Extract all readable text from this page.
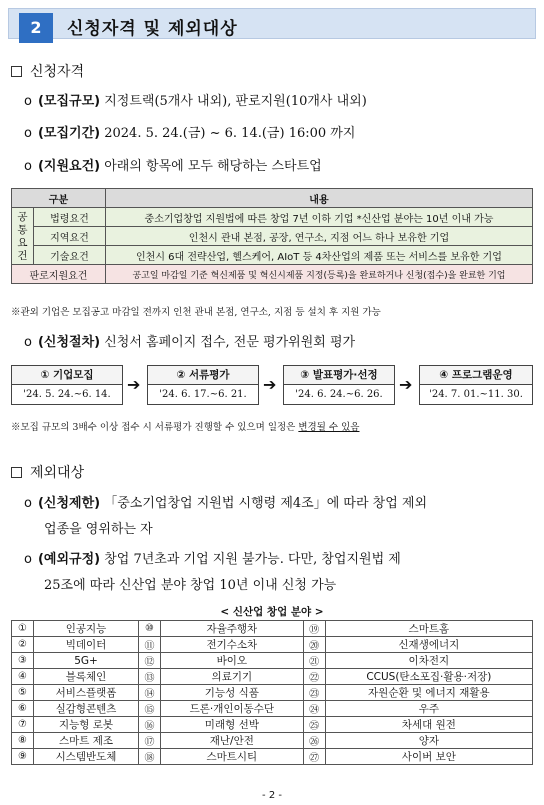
2	신청자격 및 제외대상
신청자격
o (모집규모) 지정트랙(5개사 내외), 판로지원(10개사 내외)
o (모집기간) 2024. 5. 24.(금) ~ 6. 14.(금) 16:00 까지
o (지원요건) 아래의 항목에 모두 해당하는 스타트업
구분		내용
공
통
요
건	법령요건	중소기업창업 지원법에 따른 창업 7년 이하 기업 *신산업 분야는 10년 이내 가능
	지역요건	인천시 관내 본점, 공장, 연구소, 지점 어느 하나 보유한 기업
	기술요건	인천시 6대 전략산업, 헬스케어, AIoT 등 4차산업의 제품 또는 서비스를 보유한 기업
판로지원요건		공고일 마감일 기준 혁신제품 및 혁신시제품 지정(등록)을 완료하거나 신청(접수)을 완료한 기업
※관외 기업은 모집공고 마감일 전까지 인천 관내 본점, 연구소, 지점 등 설치 후 지원 가능
o (신청절차) 신청서 홈페이지 접수, 전문 평가위원회 평가
① 기업모집
'24. 5. 24.~6. 14.
➔	② 서류평가
'24. 6. 17.~6. 21.
➔	③ 발표평가·선정
'24. 6. 24.~6. 26.
➔	④ 프로그램운영
'24. 7. 01.~11. 30.
※모집 규모의 3배수 이상 접수 시 서류평가 진행할 수 있으며 일정은 변경될 수 있음
제외대상
o (신청제한) 「중소기업창업 지원법 시행령 제4조」에 따라 창업 제외
업종을 영위하는 자
o (예외규정) 창업 7년초과 기업 지원 불가능. 다만, 창업지원법 제
25조에 따라 신산업 분야 창업 10년 이내 신청 가능
< 신산업 창업 분야 >
①	인공지능	⑩	자율주행차	⑲	스마트홈
②	빅데이터	⑪	전기수소차	⑳	신재생에너지
③	5G+	⑫	바이오	㉑	이차전지
④	블록체인	⑬	의료기기	㉒	CCUS(탄소포집·활용·저장)
⑤	서비스플랫폼	⑭	기능성 식품	㉓	자원순환 및 에너지 재활용
⑥	실감형콘텐츠	⑮	드론·개인이동수단	㉔	우주
⑦	지능형 로봇	⑯	미래형 선박	㉕	차세대 원전
⑧	스마트 제조	⑰	재난/안전	㉖	양자
⑨	시스템반도체	⑱	스마트시티	㉗	사이버 보안
- 2 -
